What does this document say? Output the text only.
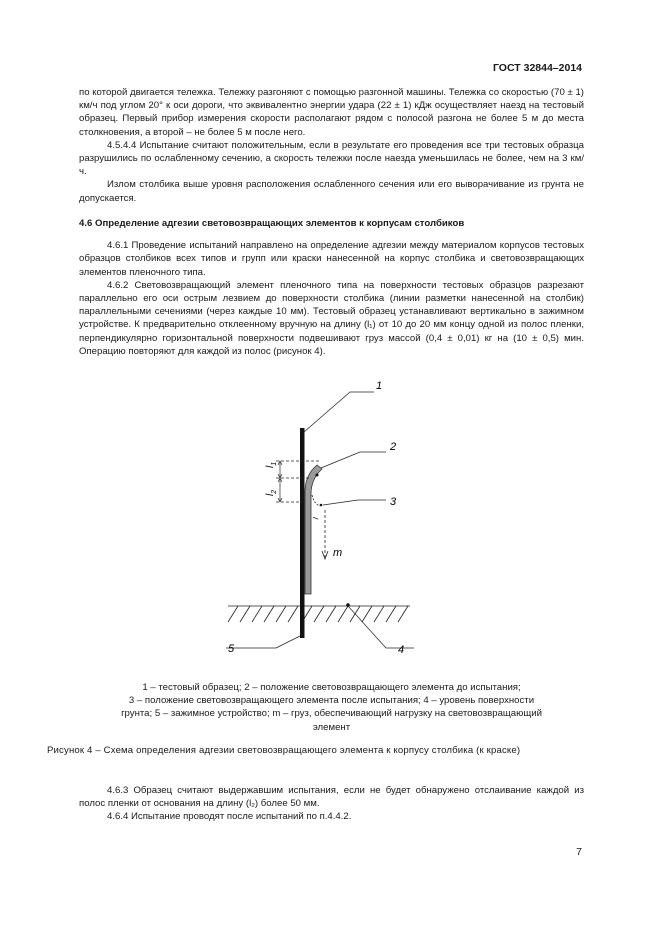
ГОСТ 32844–2014

по которой двигается тележка. Тележку разгоняют с помощью разгонной машины. Тележка со скоростью (70 ± 1) км/ч под углом 20° к оси дороги, что эквивалентно энергии удара (22 ± 1) кДж осуществляет наезд на тестовый образец. Первый прибор измерения скорости располагают рядом с полосой разгона не более 5 м до места столкновения, а второй – не более 5 м после него.

4.5.4.4 Испытание считают положительным, если в результате его проведения все три тестовых образца разрушились по ослабленному сечению, а скорость тележки после наезда уменьшилась не более, чем на 3 км/ч.

Излом столбика выше уровня расположения ослабленного сечения или его выворачивание из грунта не допускается.

4.6 Определение адгезии световозвращающих элементов к корпусам столбиков

4.6.1 Проведение испытаний направлено на определение адгезии между материалом корпусов тестовых образцов столбиков всех типов и групп или краски нанесенной на корпус столбика и световозвращающих элементов пленочного типа.

4.6.2 Световозвращающий элемент пленочного типа на поверхности тестовых образцов разрезают параллельно его оси острым лезвием до поверхности столбика (линии разметки нанесенной на столбик) параллельными сечениями (через каждые 10 мм). Тестовый образец устанавливают вертикально в зажимном устройстве. К предварительно отклеенному вручную на длину (l₁) от 10 до 20 мм концу одной из полос пленки, перпендикулярно горизонтальной поверхности подвешивают груз массой (0,4 ± 0,01) кг на (10 ± 0,5) мин. Операцию повторяют для каждой из полос (рисунок 4).

l
1
2
3
4
5
m
$l_1$
$l_2$

1 – тестовый образец; 2 – положение световозвращающего элемента до испытания;

3 – положение световозвращающего элемента после испытания; 4 – уровень поверхности

грунта; 5 – зажимное устройство; m – груз, обеспечивающий нагрузку на световозвращающий

элемент

Рисунок 4 – Схема определения адгезии световозвращающего элемента к корпусу столбика (к краске)

4.6.3 Образец считают выдержавшим испытания, если не будет обнаружено отслаивание каждой из полос пленки от основания на длину (l₂) более 50 мм.

4.6.4 Испытание проводят после испытаний по п.4.4.2.

7
